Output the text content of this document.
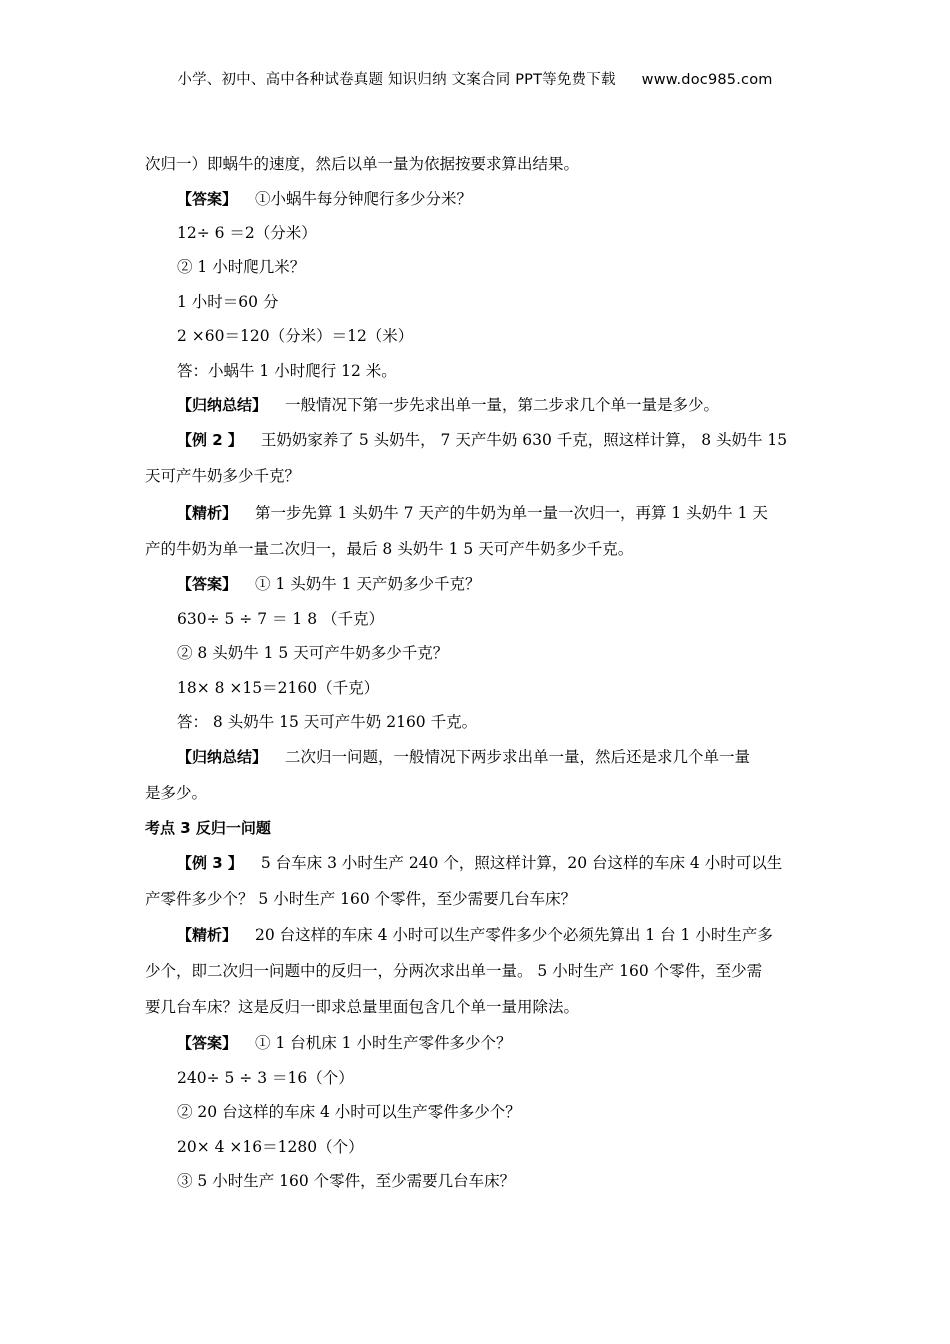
小学、初中、高中各种试卷真题 知识归纳 文案合同 PPT等免费下载 www.doc985.com
次归一）即蜗牛的速度，然后以单一量为依据按要求算出结果。
【答案】 ①小蜗牛每分钟爬行多少分米？
12÷ 6 ＝2（分米）
② 1 小时爬几米？
1 小时＝60 分
2 ×60＝120（分米）＝12（米）
答：小蜗牛 1 小时爬行 12 米。
【归纳总结】 一般情况下第一步先求出单一量，第二步求几个单一量是多少。
【例 2 】 王奶奶家养了 5 头奶牛， 7 天产牛奶 630 千克，照这样计算， 8 头奶牛 15
天可产牛奶多少千克？
【精析】 第一步先算 1 头奶牛 7 天产的牛奶为单一量一次归一，再算 1 头奶牛 1 天
产的牛奶为单一量二次归一，最后 8 头奶牛 1 5 天可产牛奶多少千克。
【答案】 ① 1 头奶牛 1 天产奶多少千克？
630÷ 5 ÷ 7 ＝ 1 8 （千克）
② 8 头奶牛 1 5 天可产牛奶多少千克？
18× 8 ×15＝2160（千克）
答： 8 头奶牛 15 天可产牛奶 2160 千克。
【归纳总结】 二次归一问题，一般情况下两步求出单一量，然后还是求几个单一量
是多少。
考点 3 反归一问题
【例 3 】 5 台车床 3 小时生产 240 个，照这样计算，20 台这样的车床 4 小时可以生
产零件多少个？ 5 小时生产 160 个零件，至少需要几台车床？
【精析】 20 台这样的车床 4 小时可以生产零件多少个必须先算出 1 台 1 小时生产多
少个，即二次归一问题中的反归一，分两次求出单一量。 5 小时生产 160 个零件，至少需
要几台车床？这是反归一即求总量里面包含几个单一量用除法。
【答案】 ① 1 台机床 1 小时生产零件多少个？
240÷ 5 ÷ 3 ＝16（个）
② 20 台这样的车床 4 小时可以生产零件多少个？
20× 4 ×16＝1280（个）
③ 5 小时生产 160 个零件，至少需要几台车床？
